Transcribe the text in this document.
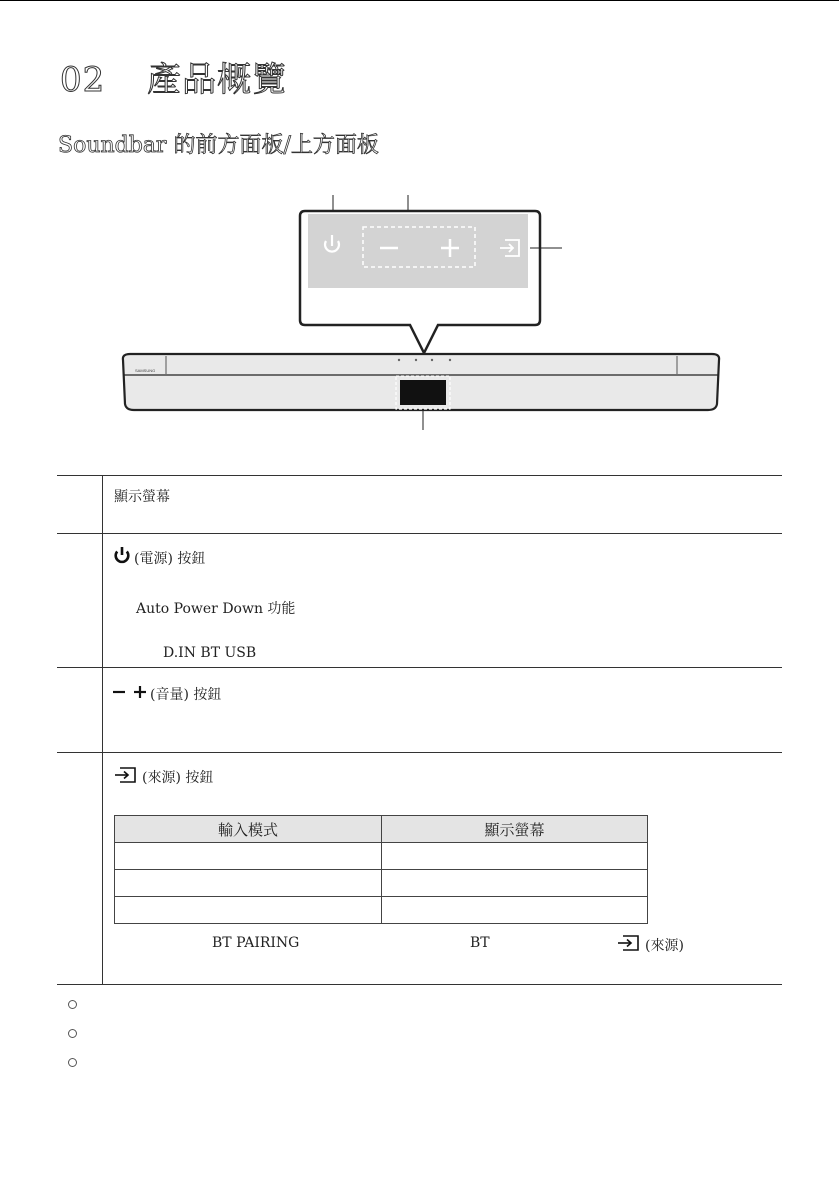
02 產品概覽
Soundbar 的前方面板/上方面板
SAMSUNG

顯示螢幕
(電源) 按鈕
Auto Power Down 功能
D.IN BT USB
(音量) 按鈕
(來源) 按鈕
輸入模式	顯示螢幕

BT PAIRING	BT	(來源)
